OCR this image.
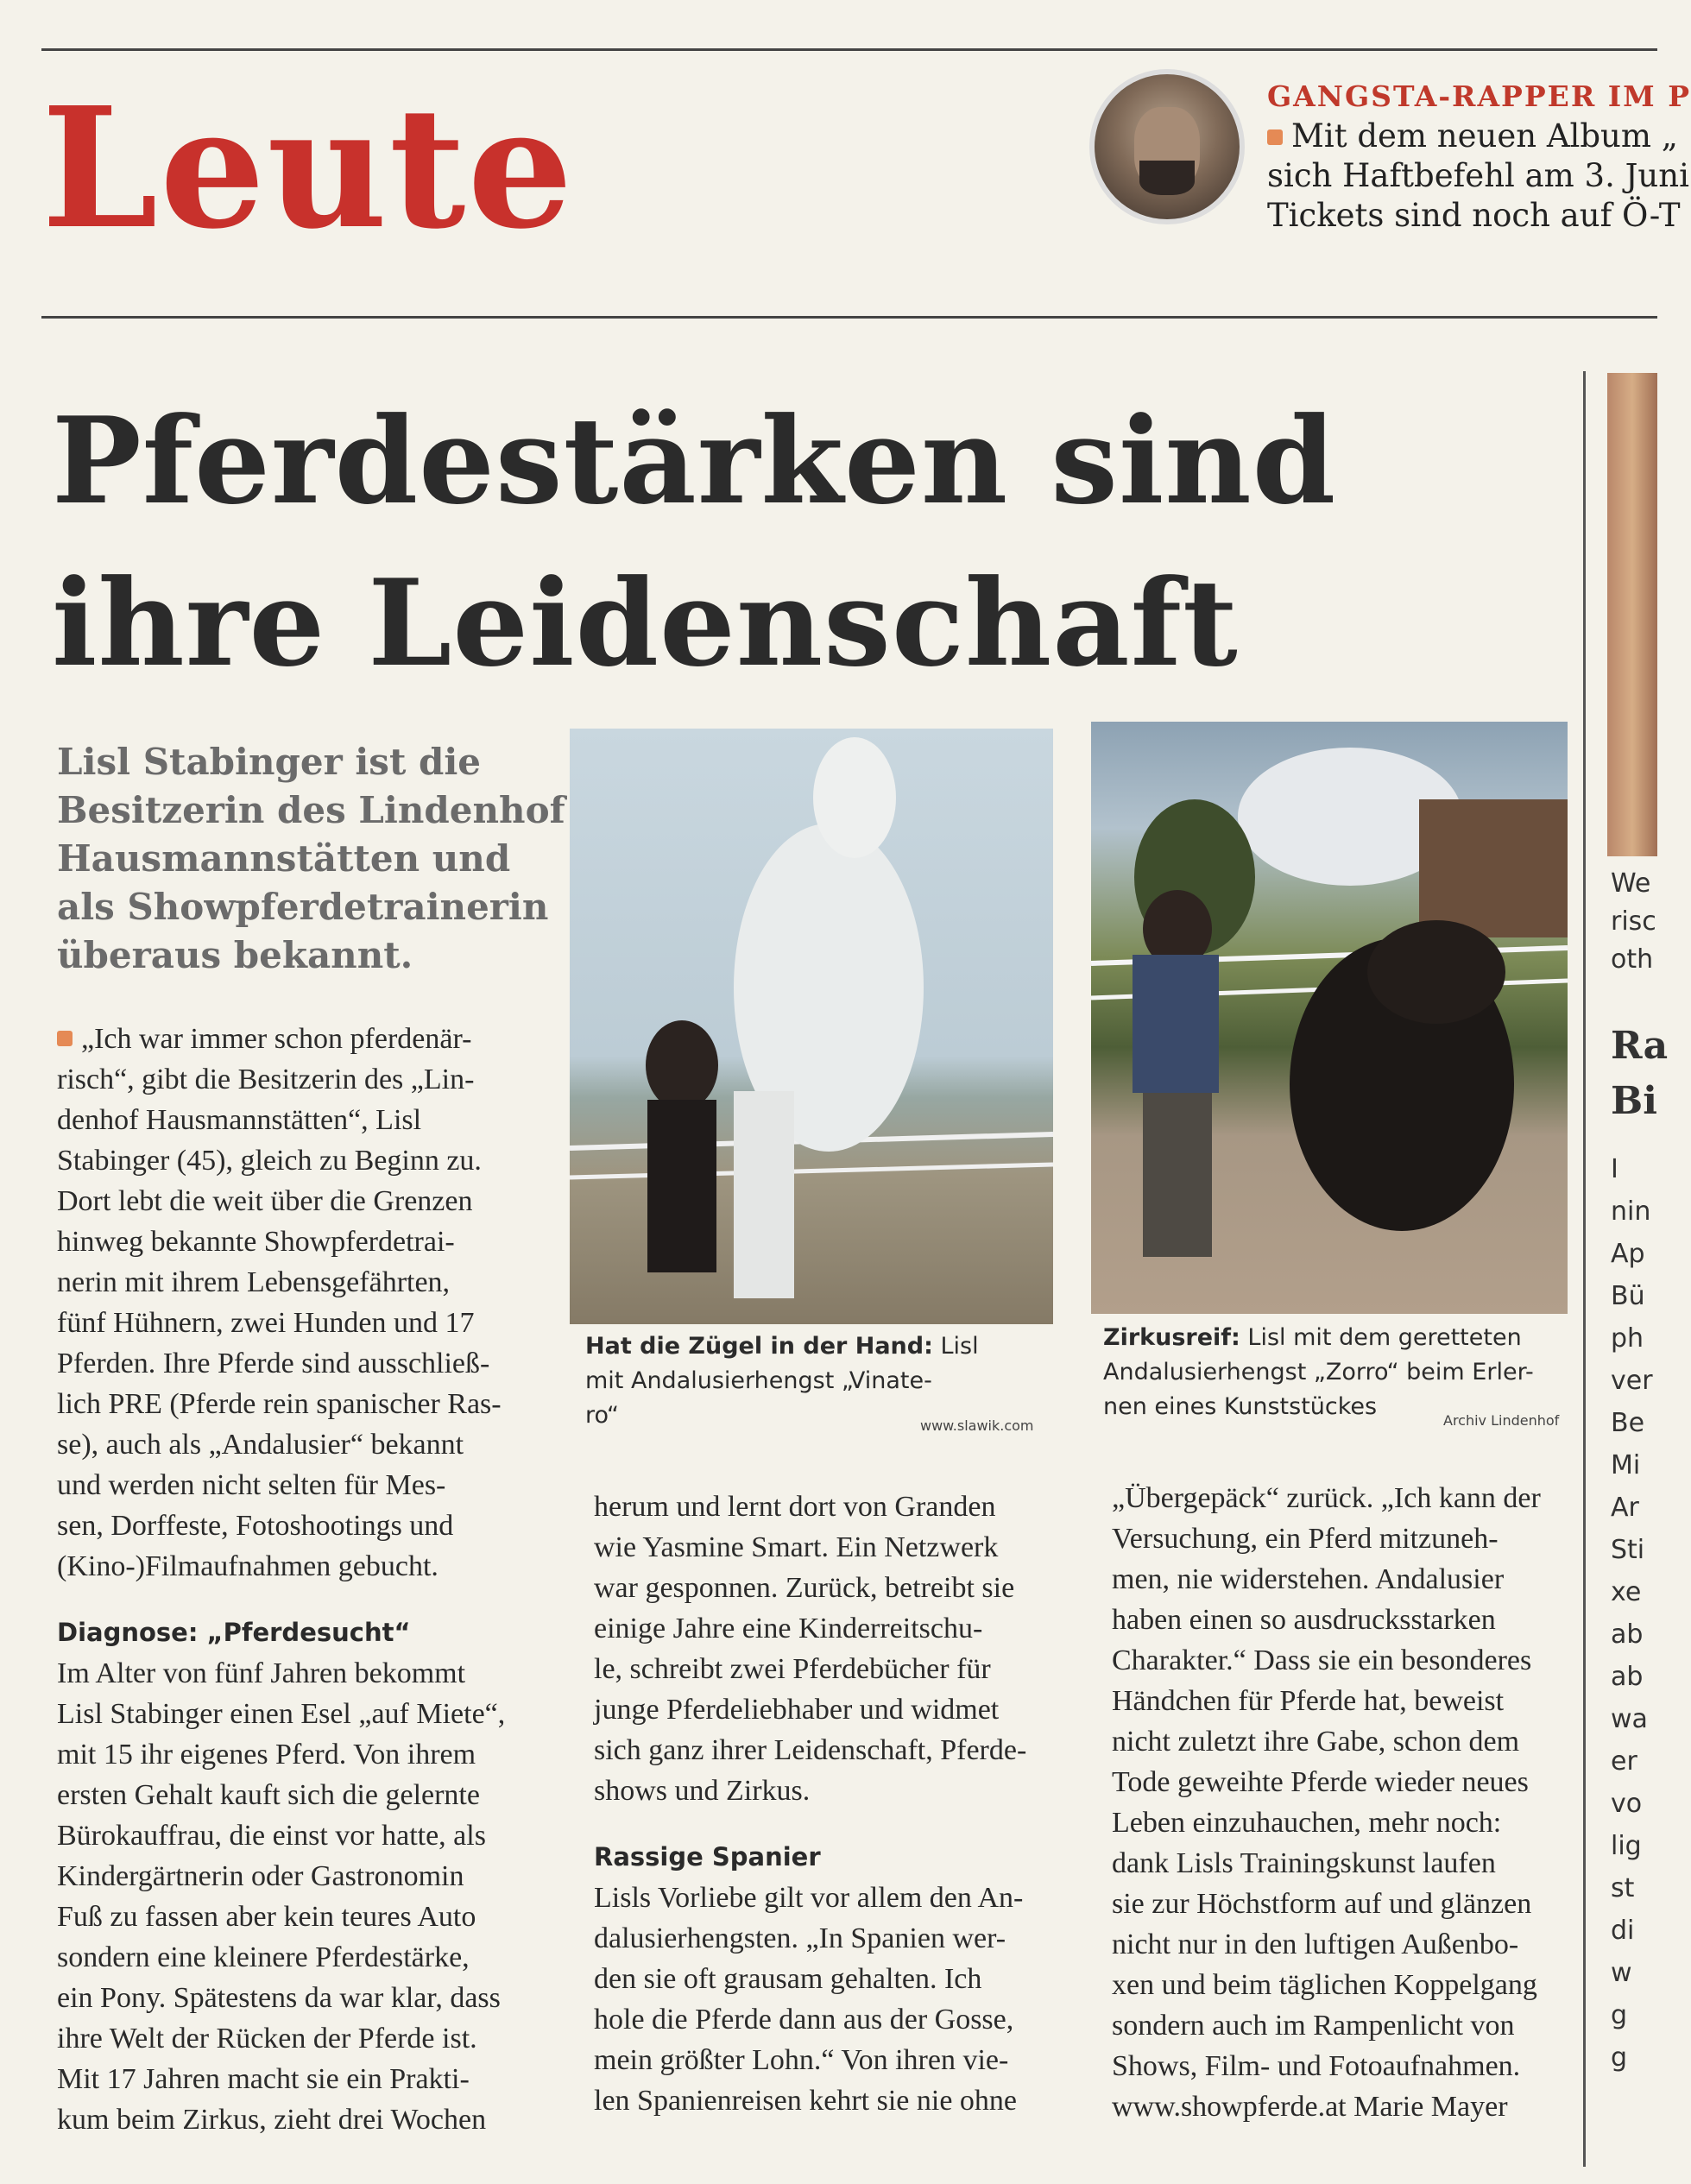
Leute	GANGSTA-RAPPER IM P
Mit dem neuen Album „
sich Haftbefehl am 3. Juni
Tickets sind noch auf Ö-T
Pferdestärken sind
ihre Leidenschaft
Lisl Stabinger ist die
Besitzerin des Lindenhof
Hausmannstätten und
als Showpferdetrainerin
überaus bekannt.
„Ich war immer schon pferdenär-
risch“, gibt die Besitzerin des „Lin-
denhof Hausmannstätten“, Lisl
Stabinger (45), gleich zu Beginn zu.
Dort lebt die weit über die Grenzen
hinweg bekannte Showpferdetrai-
nerin mit ihrem Lebensgefährten,
fünf Hühnern, zwei Hunden und 17
Pferden. Ihre Pferde sind ausschließ-
lich PRE (Pferde rein spanischer Ras-
se), auch als „Andalusier“ bekannt
und werden nicht selten für Mes-
sen, Dorffeste, Fotoshootings und
(Kino-)Filmaufnahmen gebucht.
Diagnose: „Pferdesucht“
Im Alter von fünf Jahren bekommt
Lisl Stabinger einen Esel „auf Miete“,
mit 15 ihr eigenes Pferd. Von ihrem
ersten Gehalt kauft sich die gelernte
Bürokauffrau, die einst vor hatte, als
Kindergärtnerin oder Gastronomin
Fuß zu fassen aber kein teures Auto
sondern eine kleinere Pferdestärke,
ein Pony. Spätestens da war klar, dass
ihre Welt der Rücken der Pferde ist.
Mit 17 Jahren macht sie ein Prakti-
kum beim Zirkus, zieht drei Wochen
Hat die Zügel in der Hand: Lisl
mit Andalusierhengst „Vinate-
ro“	www.slawik.com
Zirkusreif: Lisl mit dem geretteten
Andalusierhengst „Zorro“ beim Erler-
nen eines Kunststückes
Archiv Lindenhof
herum und lernt dort von Granden
wie Yasmine Smart. Ein Netzwerk
war gesponnen. Zurück, betreibt sie
einige Jahre eine Kinderreitschu-
le, schreibt zwei Pferdebücher für
junge Pferdeliebhaber und widmet
sich ganz ihrer Leidenschaft, Pferde-
shows und Zirkus.
Rassige Spanier
Lisls Vorliebe gilt vor allem den An-
dalusierhengsten. „In Spanien wer-
den sie oft grausam gehalten. Ich
hole die Pferde dann aus der Gosse,
mein größter Lohn.“ Von ihren vie-
len Spanienreisen kehrt sie nie ohne
„Übergepäck“ zurück. „Ich kann der
Versuchung, ein Pferd mitzuneh-
men, nie widerstehen. Andalusier
haben einen so ausdrucksstarken
Charakter.“ Dass sie ein besonderes
Händchen für Pferde hat, beweist
nicht zuletzt ihre Gabe, schon dem
Tode geweihte Pferde wieder neues
Leben einzuhauchen, mehr noch:
dank Lisls Trainingskunst laufen
sie zur Höchstform auf und glänzen
nicht nur in den luftigen Außenbo-
xen und beim täglichen Koppelgang
sondern auch im Rampenlicht von
Shows, Film- und Fotoaufnahmen.
www.showpferde.at Marie Mayer
We
risc
oth
Ra
Bi
I
nin
Ap
Bü
ph
ver
Be
Mi
Ar
Sti
xe
ab
ab
wa
er
vo
lig
st
di
w
g
g
